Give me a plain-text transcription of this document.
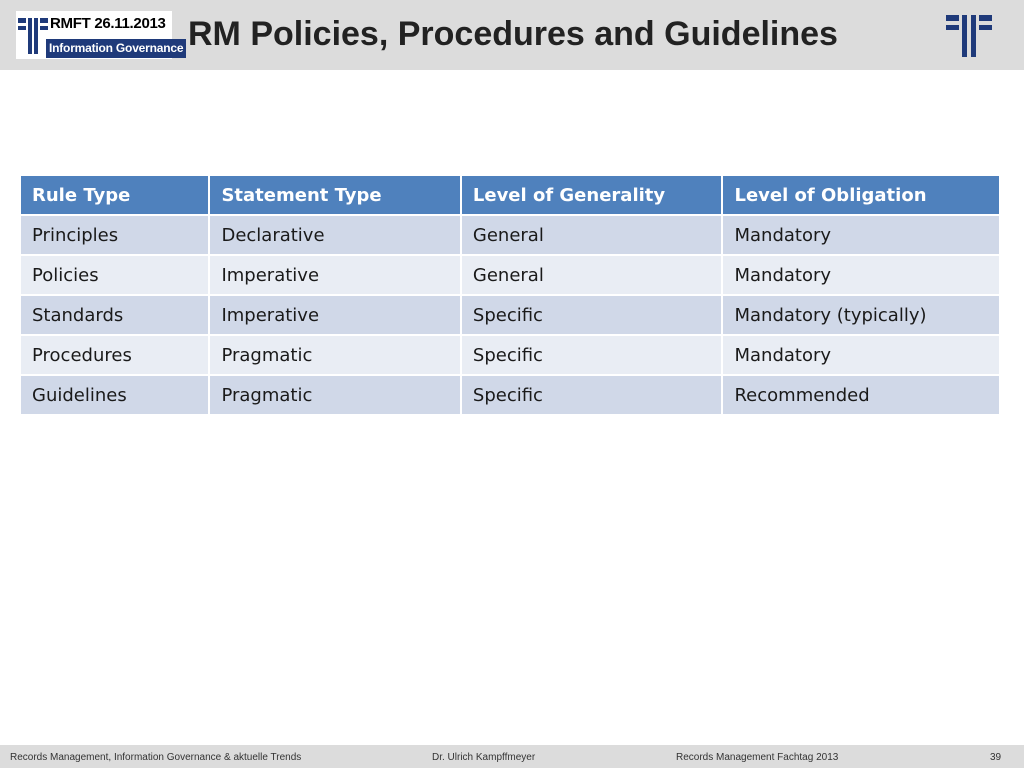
RMFT 26.11.2013
Information Governance RM Policies, Procedures and Guidelines
Rule Type	Statement Type	Level of Generality	Level of Obligation
Principles	Declarative	General	Mandatory
Policies	Imperative	General	Mandatory
Standards	Imperative	Specific	Mandatory (typically)
Procedures	Pragmatic	Specific	Mandatory
Guidelines	Pragmatic	Specific	Recommended
Records Management, Information Governance & aktuelle Trends	Dr. Ulrich Kampffmeyer	Records Management Fachtag 2013	39
